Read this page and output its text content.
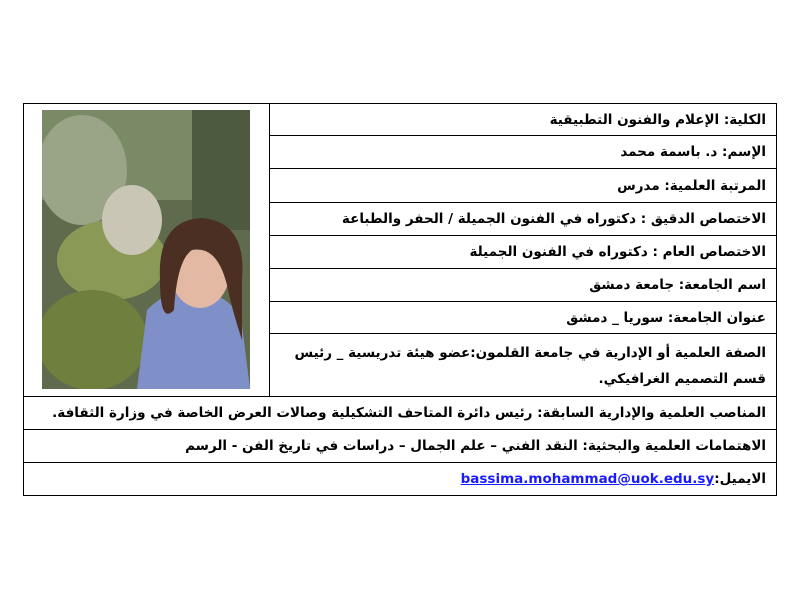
الكلية: الإعلام والفنون التطبيقية
الإسم: د. باسمة محمد
المرتبة العلمية: مدرس
الاختصاص الدقيق : دكتوراه في الفنون الجميلة / الحفر والطباعة
الاختصاص العام : دكتوراه في الفنون الجميلة
اسم الجامعة: جامعة دمشق
عنوان الجامعة: سوريا _ دمشق
الصفة العلمية أو الإدارية في جامعة القلمون:عضو هيئة تدريسية _ رئيس قسم التصميم الغرافيكي.
المناصب العلمية والإدارية السابقة: رئيس دائرة المتاحف التشكيلية وصالات العرض الخاصة في وزارة الثقافة.
الاهتمامات العلمية والبحثية: النقد الفني – علم الجمال – دراسات في تاريخ الفن - الرسم
الايميل:
bassima.mohammad@uok.edu.sy
